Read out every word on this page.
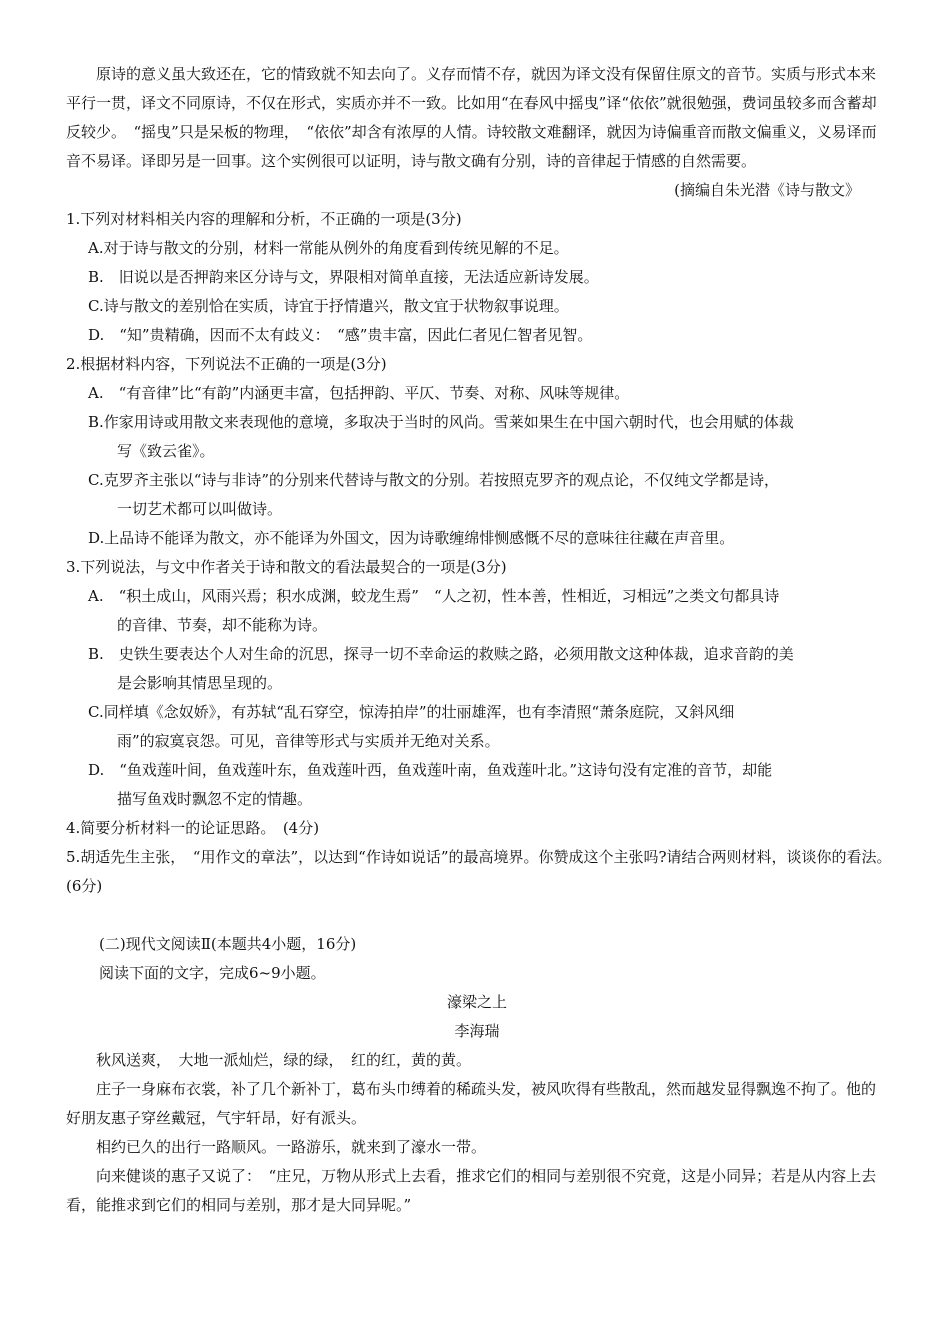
原诗的意义虽大致还在，它的情致就不知去向了。义存而情不存，就因为译文没有保留住原文的音节。实质与形式本来平行一贯，译文不同原诗，不仅在形式，实质亦并不一致。比如用“在春风中摇曳”译“依依”就很勉强，费词虽较多而含蓄却反较少。　“摇曳”只是呆板的物理，　“依依”却含有浓厚的人情。诗较散文难翻译，就因为诗偏重音而散文偏重义，义易译而音不易译。译即另是一回事。这个实例很可以证明，诗与散文确有分别，诗的音律起于情感的自然需要。

(摘编自朱光潜《诗与散文》

1.下列对材料相关内容的理解和分析，不正确的一项是(3分)

A.对于诗与散文的分别，材料一常能从例外的角度看到传统见解的不足。

B.　旧说以是否押韵来区分诗与文，界限相对简单直接，无法适应新诗发展。

C.诗与散文的差别恰在实质，诗宜于抒情遣兴，散文宜于状物叙事说理。

D.　“知”贵精确，因而不太有歧义：　“感”贵丰富，因此仁者见仁智者见智。

2.根据材料内容，下列说法不正确的一项是(3分)

A.　“有音律”比“有韵”内涵更丰富，包括押韵、平仄、节奏、对称、风味等规律。

B.作家用诗或用散文来表现他的意境，多取决于当时的风尚。雪莱如果生在中国六朝时代，也会用赋的体裁

写《致云雀》。

C.克罗齐主张以“诗与非诗”的分别来代替诗与散文的分别。若按照克罗齐的观点论，不仅纯文学都是诗，

一切艺术都可以叫做诗。

D.上品诗不能译为散文，亦不能译为外国文，因为诗歌缠绵悱恻感慨不尽的意味往往藏在声音里。

3.下列说法，与文中作者关于诗和散文的看法最契合的一项是(3分)

A.　“积土成山，风雨兴焉；积水成渊，蛟龙生焉”　“人之初，性本善，性相近，习相远”之类文句都具诗

的音律、节奏，却不能称为诗。

B.　史铁生要表达个人对生命的沉思，探寻一切不幸命运的救赎之路，必须用散文这种体裁，追求音韵的美

是会影响其情思呈现的。

C.同样填《念奴娇》，有苏轼“乱石穿空，惊涛拍岸”的壮丽雄浑，也有李清照“萧条庭院，又斜风细

雨”的寂寞哀怨。可见，音律等形式与实质并无绝对关系。

D.　“鱼戏莲叶间，鱼戏莲叶东，鱼戏莲叶西，鱼戏莲叶南，鱼戏莲叶北。”这诗句没有定准的音节，却能

描写鱼戏时飘忽不定的情趣。

4.简要分析材料一的论证思路。　(4分)

5.胡适先生主张，　“用作文的章法”，以达到“作诗如说话”的最高境界。你赞成这个主张吗?请结合两则材料，谈谈你的看法。　(6分)

(二)现代文阅读Ⅱ(本题共4小题，16分)

阅读下面的文字，完成6~9小题。

濠梁之上

李海瑞

秋风送爽，　大地一派灿烂，绿的绿，　红的红，黄的黄。

庄子一身麻布衣裳，补了几个新补丁，葛布头巾缚着的稀疏头发，被风吹得有些散乱，然而越发显得飘逸不拘了。他的好朋友惠子穿丝戴冠，气宇轩昂，好有派头。

相约已久的出行一路顺风。一路游乐，就来到了濠水一带。

向来健谈的惠子又说了：　“庄兄，万物从形式上去看，推求它们的相同与差别很不究竟，这是小同异；若是从内容上去看，能推求到它们的相同与差别，那才是大同异呢。”
